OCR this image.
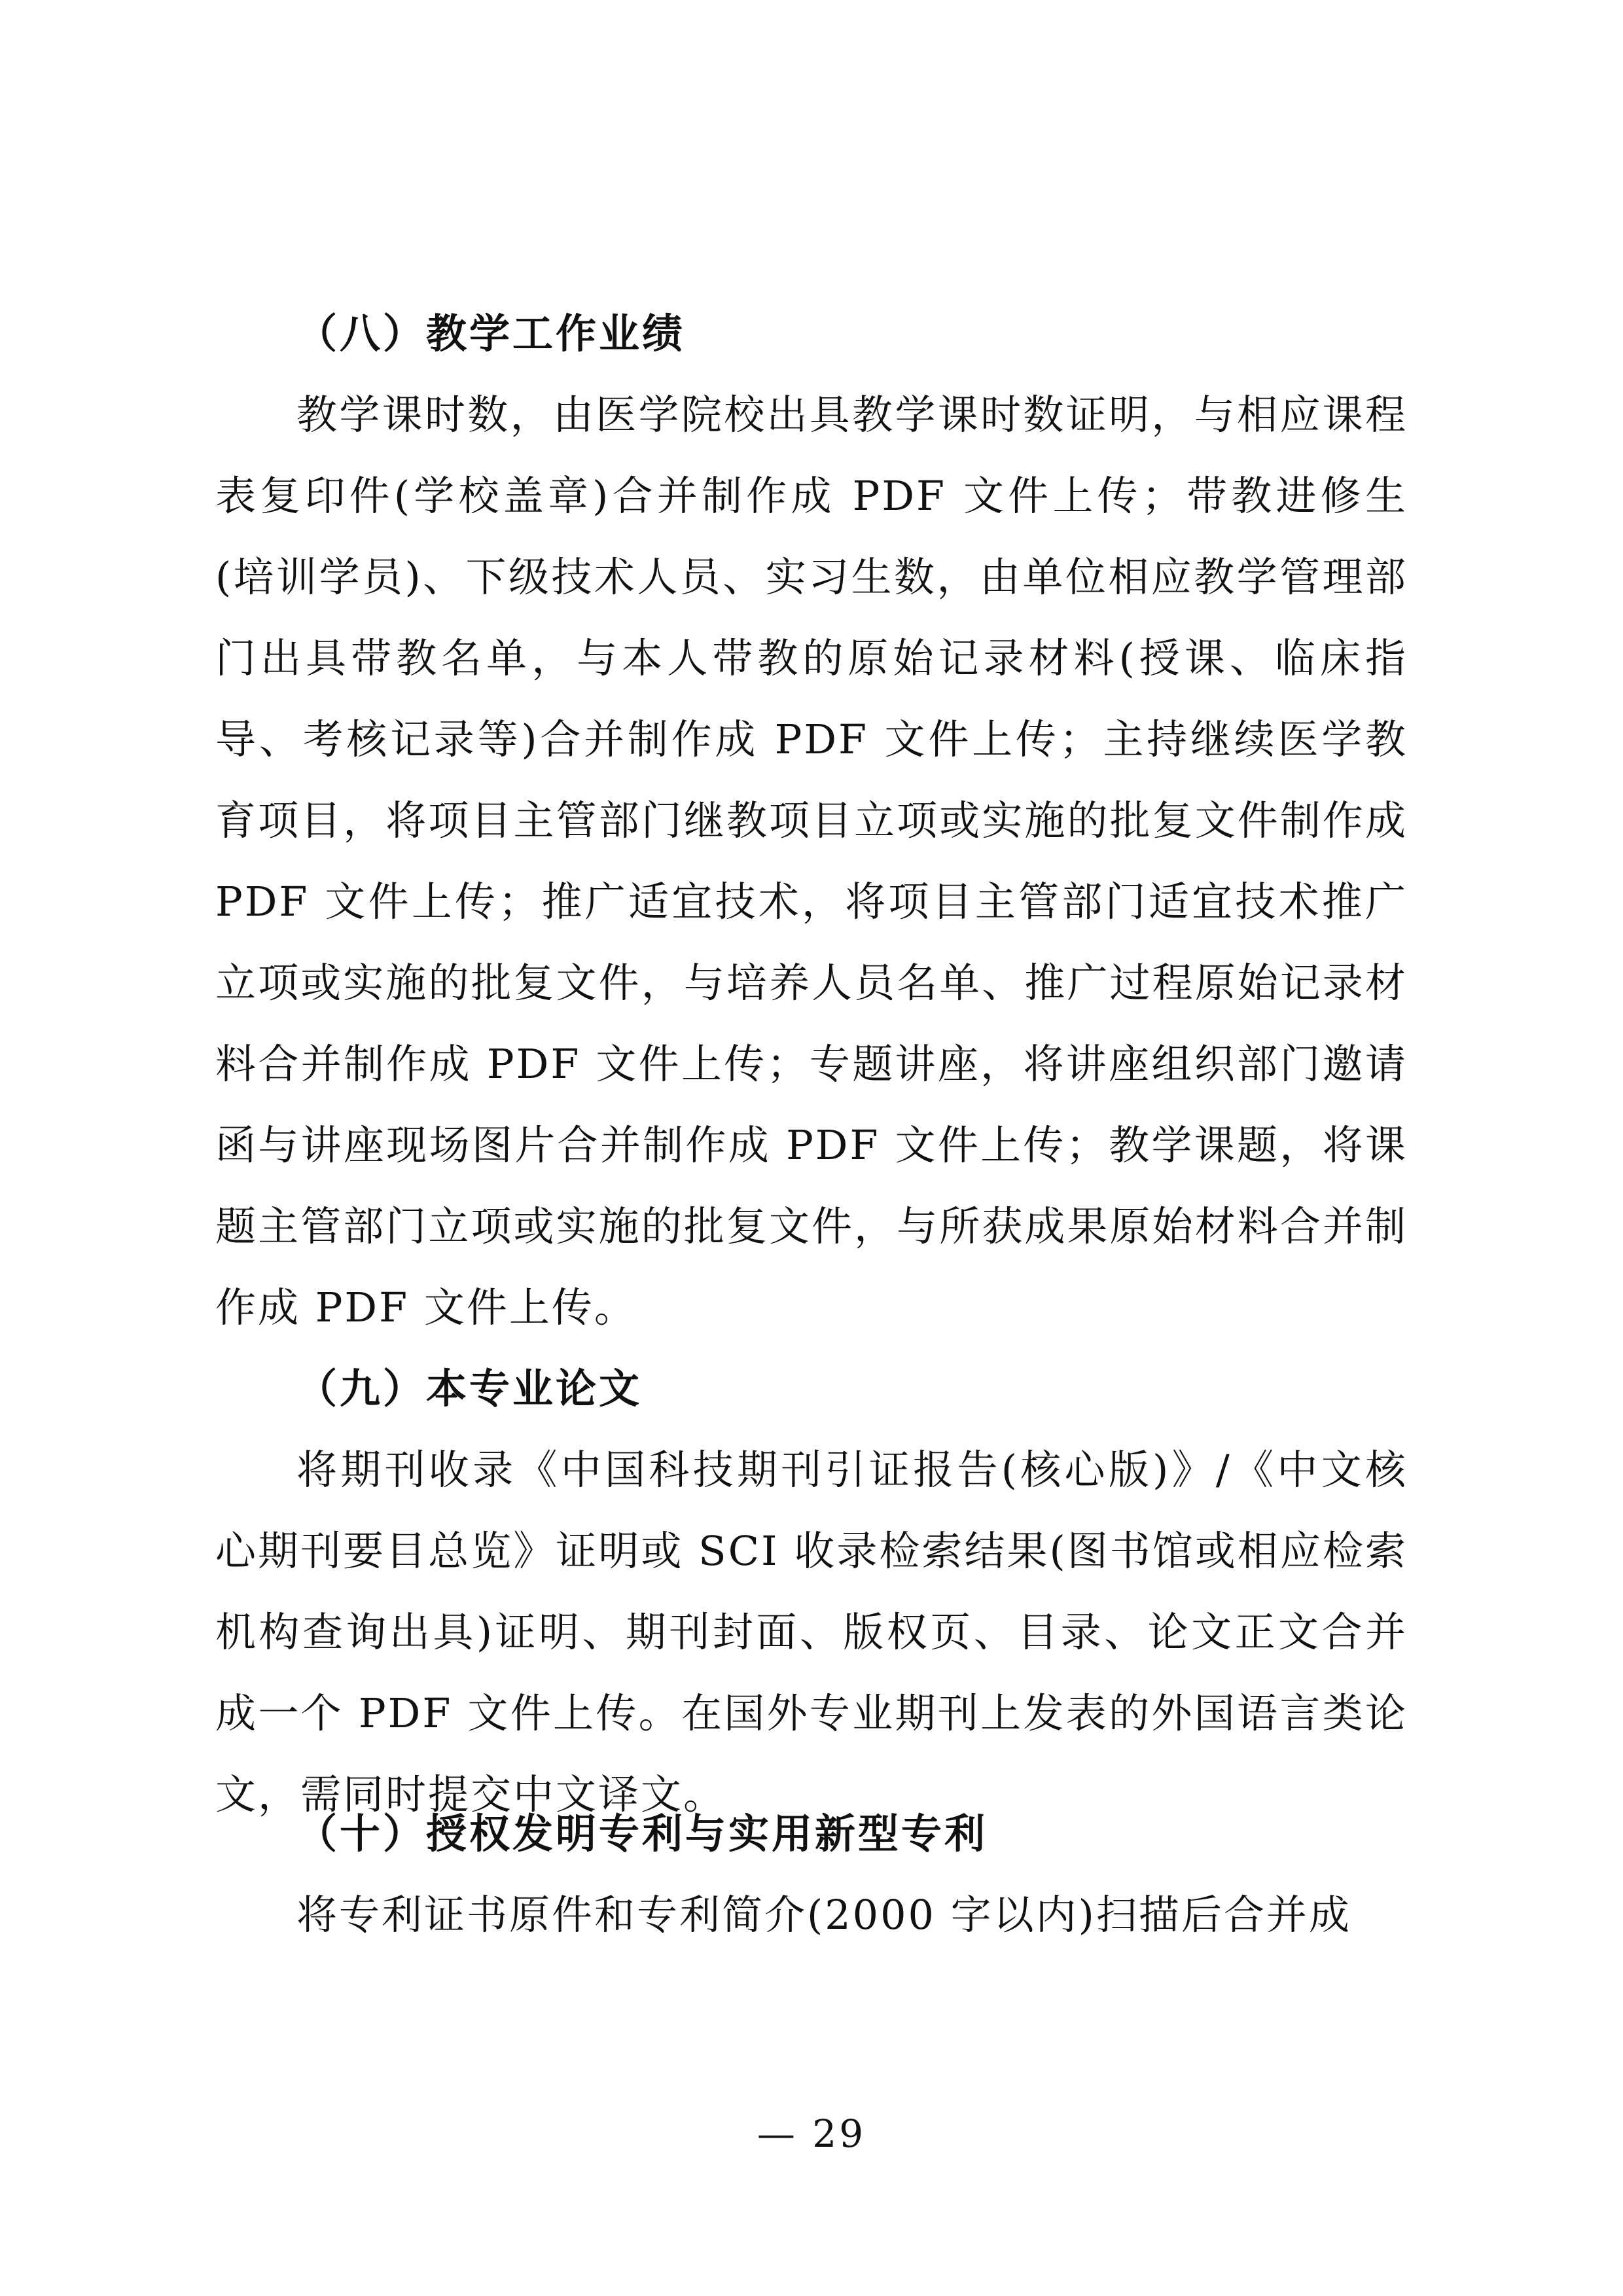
（八）教学工作业绩

教学课时数，由医学院校出具教学课时数证明，与相应课程表复印件(学校盖章)合并制作成 PDF 文件上传；带教进修生(培训学员)、下级技术人员、实习生数，由单位相应教学管理部门出具带教名单，与本人带教的原始记录材料(授课、临床指导、考核记录等)合并制作成 PDF 文件上传；主持继续医学教育项目，将项目主管部门继教项目立项或实施的批复文件制作成 PDF 文件上传；推广适宜技术，将项目主管部门适宜技术推广立项或实施的批复文件，与培养人员名单、推广过程原始记录材料合并制作成 PDF 文件上传；专题讲座，将讲座组织部门邀请函与讲座现场图片合并制作成 PDF 文件上传；教学课题，将课题主管部门立项或实施的批复文件，与所获成果原始材料合并制作成 PDF 文件上传。

（九）本专业论文

将期刊收录《中国科技期刊引证报告(核心版)》/《中文核心期刊要目总览》证明或 SCI 收录检索结果(图书馆或相应检索机构查询出具)证明、期刊封面、版权页、目录、论文正文合并成一个 PDF 文件上传。在国外专业期刊上发表的外国语言类论文，需同时提交中文译文。

（十）授权发明专利与实用新型专利

将专利证书原件和专利简介(2000 字以内)扫描后合并成

— 29
